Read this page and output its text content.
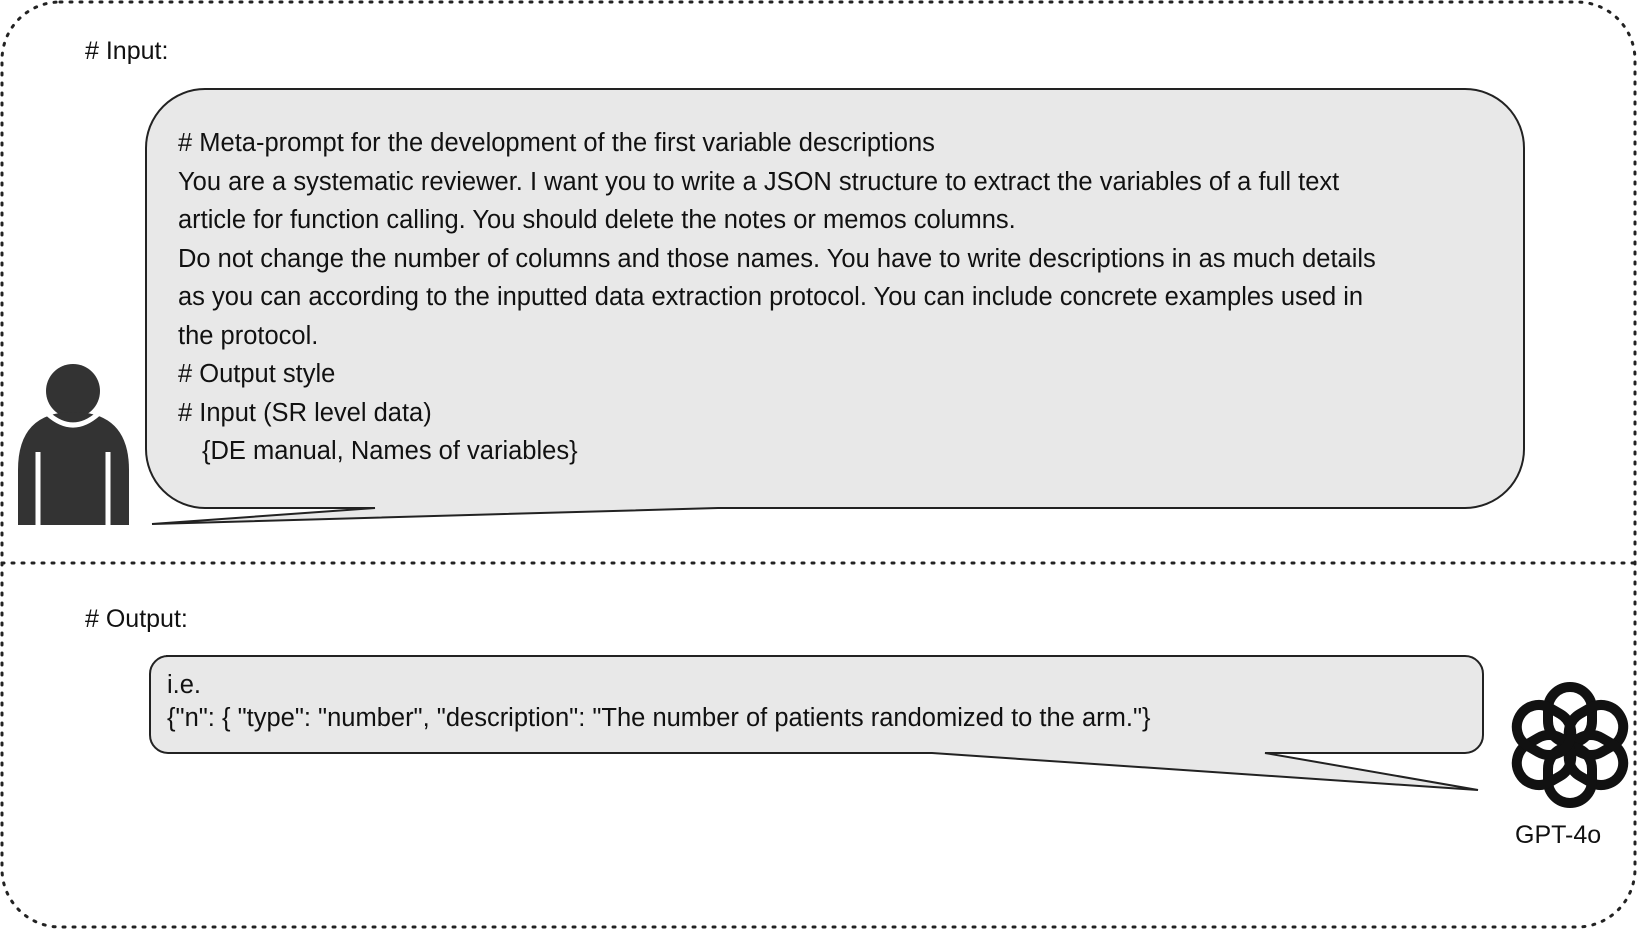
# Input:
# Meta-prompt for the development of the first variable descriptions
You are a systematic reviewer. I want you to write a JSON structure to extract the variables of a full text
article for function calling. You should delete the notes or memos columns.
Do not change the number of columns and those names. You have to write descriptions in as much details
as you can according to the inputted data extraction protocol. You can include concrete examples used in
the protocol.
# Output style
# Input (SR level data)
{DE manual, Names of variables}
# Output:
i.e.
{"n": { "type": "number", "description": "The number of patients randomized to the arm."}
GPT-4o
